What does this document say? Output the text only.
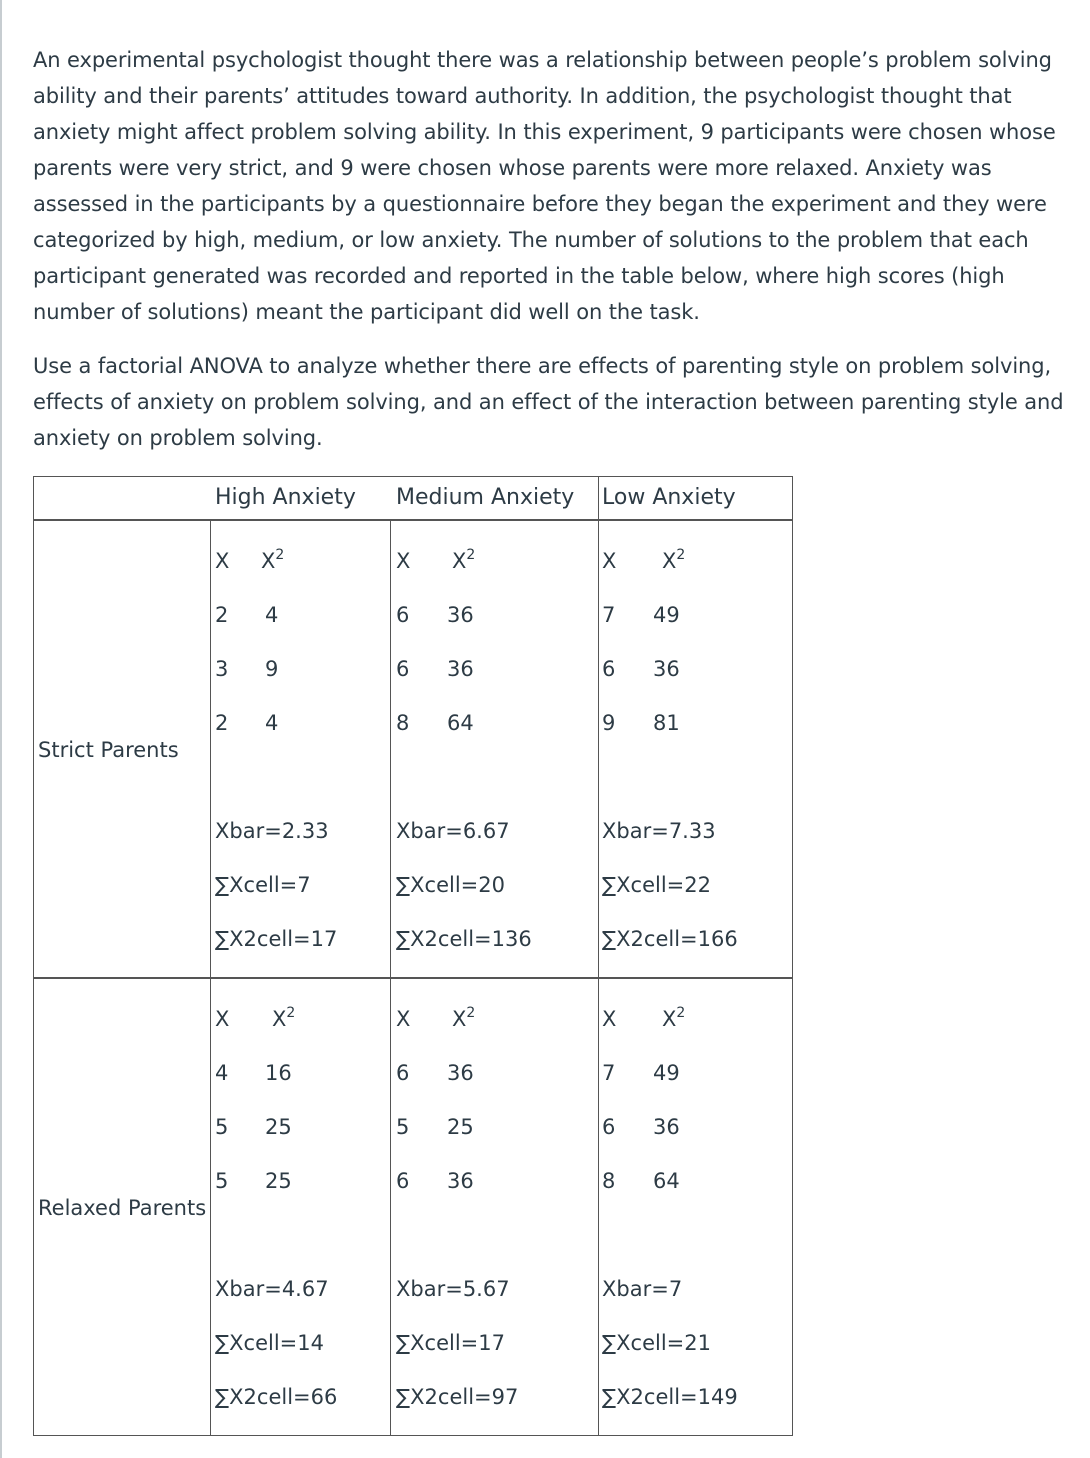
An experimental psychologist thought there was a relationship between people’s problem solving ability and their parents’ attitudes toward authority. In addition, the psychologist thought that anxiety might affect problem solving ability. In this experiment, 9 participants were chosen whose parents were very strict, and 9 were chosen whose parents were more relaxed. Anxiety was assessed in the participants by a questionnaire before they began the experiment and they were categorized by high, medium, or low anxiety. The number of solutions to the problem that each participant generated was recorded and reported in the table below, where high scores (high number of solutions) meant the participant did well on the task.

Use a factorial ANOVA to analyze whether there are effects of parenting style on problem solving, effects of anxiety on problem solving, and an effect of the interaction between parenting style and anxiety on problem solving.

High Anxiety Medium Anxiety Low Anxiety
Strict Parents
Relaxed Parents
X $X^2$
2 4
3 9
2 4
Xbar=2.33
∑Xcell=7
∑X2cell=17
X $X^2$
6 36
6 36
8 64
Xbar=6.67
∑Xcell=20
∑X2cell=136
X $X^2$
7 49
6 36
9 81
Xbar=7.33
∑Xcell=22
∑X2cell=166
X $X^2$
4 16
5 25
5 25
Xbar=4.67
∑Xcell=14
∑X2cell=66
X $X^2$
6 36
5 25
6 36
Xbar=5.67
∑Xcell=17
∑X2cell=97
X $X^2$
7 49
6 36
8 64
Xbar=7
∑Xcell=21
∑X2cell=149
